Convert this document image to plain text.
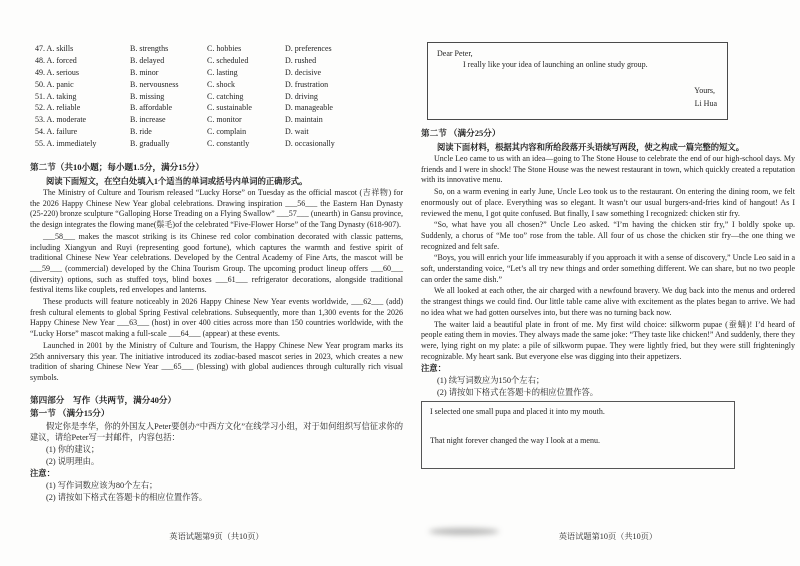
47. A. skills	B. strengths	C. hobbies	D. preferences
48. A. forced	B. delayed	C. scheduled	D. rushed
49. A. serious	B. minor	C. lasting	D. decisive
50. A. panic	B. nervousness	C. shock	D. frustration
51. A. taking	B. missing	C. catching	D. driving
52. A. reliable	B. affordable	C. sustainable	D. manageable
53. A. moderate	B. increase	C. monitor	D. maintain
54. A. failure	B. ride	C. complain	D. wait
55. A. immediately	B. gradually	C. constantly	D. occasionally
第二节（共10小题；每小题1.5分，满分15分）
阅读下面短文，在空白处填入1个适当的单词或括号内单词的正确形式。

The Ministry of Culture and Tourism released “Lucky Horse” on Tuesday as the official mascot (吉祥物) for the 2026 Happy Chinese New Year global celebrations. Drawing inspiration ___56___ the Eastern Han Dynasty (25-220) bronze sculpture “Galloping Horse Treading on a Flying Swallow” ___57___ (unearth) in Gansu province, the design integrates the flowing mane(鬃毛)of the celebrated “Five-Flower Horse” of the Tang Dynasty (618-907).

___58___ makes the mascot striking is its Chinese red color combination decorated with classic patterns, including Xiangyun and Ruyi (representing good fortune), which captures the warmth and festive spirit of traditional Chinese New Year celebrations. Developed by the Central Academy of Fine Arts, the mascot will be ___59___ (commercial) developed by the China Tourism Group. The upcoming product lineup offers ___60___ (diversity) options, such as stuffed toys, blind boxes ___61___ refrigerator decorations, alongside traditional festival items like couplets, red envelopes and lanterns.

These products will feature noticeably in 2026 Happy Chinese New Year events worldwide, ___62___ (add) fresh cultural elements to global Spring Festival celebrations. Subsequently, more than 1,300 events for the 2026 Happy Chinese New Year ___63___ (host) in over 400 cities across more than 150 countries worldwide, with the “Lucky Horse” mascot making a full-scale ___64___ (appear) at these events.

Launched in 2001 by the Ministry of Culture and Tourism, the Happy Chinese New Year program marks its 25th anniversary this year. The initiative introduced its zodiac-based mascot series in 2023, which creates a new tradition of sharing Chinese New Year ___65___ (blessing) with global audiences through culturally rich visual symbols.

第四部分　写作（共两节，满分40分）
第一节 （满分15分）
假定你是李华，你的外国友人Peter要创办“中西方文化”在线学习小组，对于如何组织写信征求你的建议，请给Peter写一封邮件，内容包括：
(1) 你的建议；
(2) 说明理由。
注意：
(1) 写作词数应该为80个左右；
(2) 请按如下格式在答题卡的相应位置作答。
Dear Peter,
I really like your idea of launching an online study group.
Yours,
Li Hua
第二节 （满分25分）
阅读下面材料，根据其内容和所给段落开头语续写两段，使之构成一篇完整的短文。

Uncle Leo came to us with an idea—going to The Stone House to celebrate the end of our high-school days. My friends and I were in shock! The Stone House was the newest restaurant in town, which quickly created a reputation with its innovative menu.

So, on a warm evening in early June, Uncle Leo took us to the restaurant. On entering the dining room, we felt enormously out of place. Everything was so elegant. It wasn’t our usual burgers-and-fries kind of hangout! As I reviewed the menu, I got quite confused. But finally, I saw something I recognized: chicken stir fry.

“So, what have you all chosen?” Uncle Leo asked. “I’m having the chicken stir fry,” I boldly spoke up. Suddenly, a chorus of “Me too” rose from the table. All four of us chose the chicken stir fry—the one thing we recognized and felt safe.

“Boys, you will enrich your life immeasurably if you approach it with a sense of discovery,” Uncle Leo said in a soft, understanding voice, “Let’s all try new things and order something different. We can share, but no two people can order the same dish.”

We all looked at each other, the air charged with a newfound bravery. We dug back into the menus and ordered the strangest things we could find. Our little table came alive with excitement as the plates began to arrive. We had no idea what we had gotten ourselves into, but there was no turning back now.

The waiter laid a beautiful plate in front of me. My first wild choice: silkworm pupae (蚕蛹)! I’d heard of people eating them in movies. They always made the same joke: “They taste like chicken!” And suddenly, there they were, lying right on my plate: a pile of silkworm pupae. They were lightly fried, but they were still frighteningly recognizable. My heart sank. But everyone else was digging into their appetizers.

注意：
(1) 续写词数应为150个左右；
(2) 请按如下格式在答题卡的相应位置作答。
I selected one small pupa and placed it into my mouth.
That night forever changed the way I look at a menu.
英语试题第9页（共10页）	英语试题第10页（共10页）
